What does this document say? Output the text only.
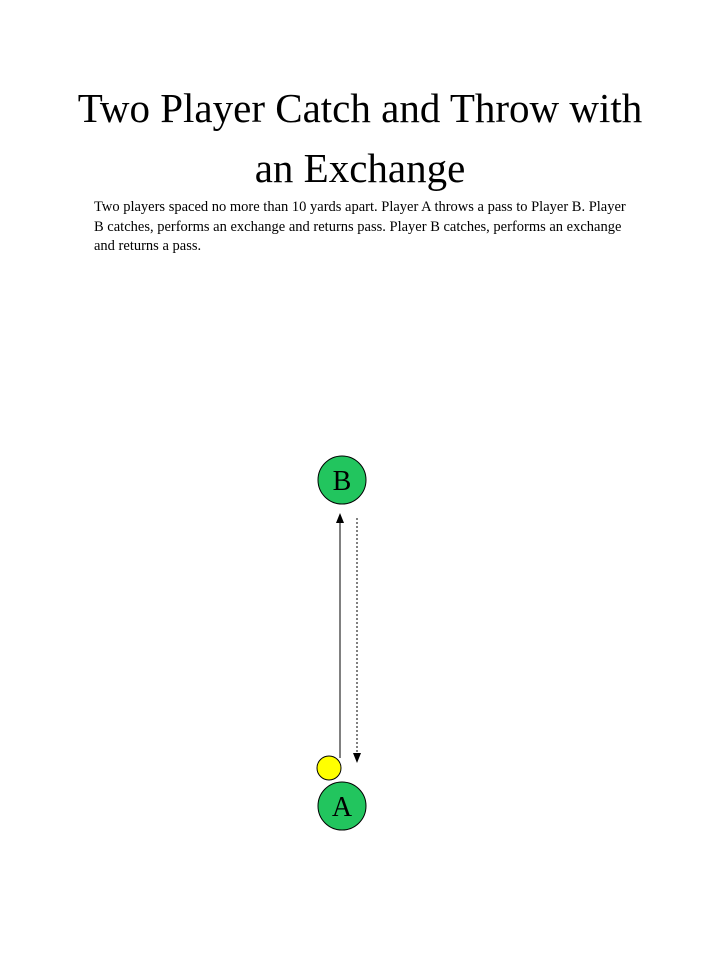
Two Player Catch and Throw with
an Exchange

Two players spaced no more than 10 yards apart. Player A throws a pass to Player B. Player B catches, performs an exchange and returns pass. Player B catches, performs an exchange and returns a pass.

B
A
